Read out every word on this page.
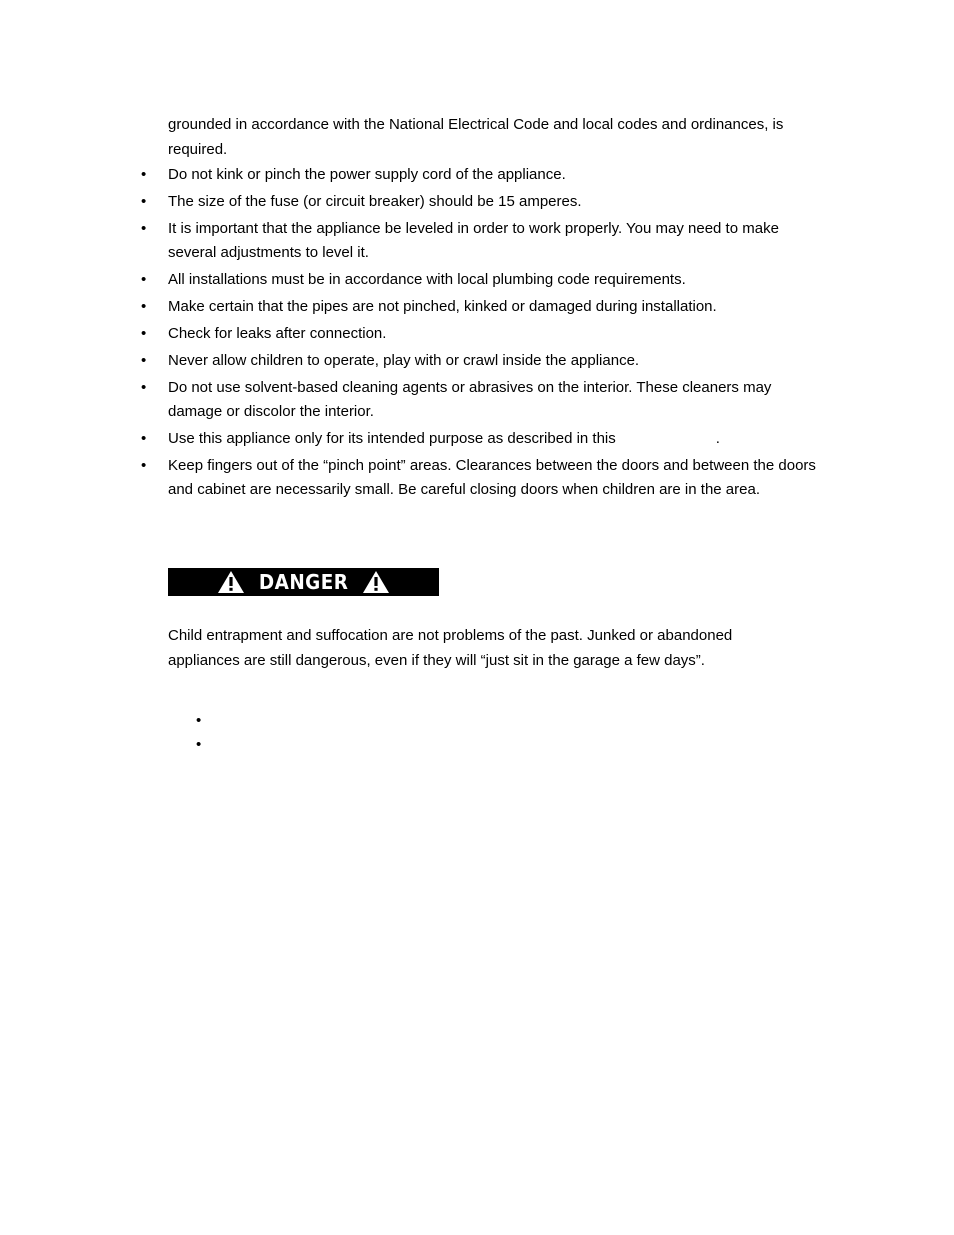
grounded in accordance with the National Electrical Code and local codes and ordinances, is required.
• Do not kink or pinch the power supply cord of the appliance.
• The size of the fuse (or circuit breaker) should be 15 amperes.
• It is important that the appliance be leveled in order to work properly. You may need to make several adjustments to level it.
• All installations must be in accordance with local plumbing code requirements.
• Make certain that the pipes are not pinched, kinked or damaged during installation.
• Check for leaks after connection.
• Never allow children to operate, play with or crawl inside the appliance.
• Do not use solvent-based cleaning agents or abrasives on the interior. These cleaners may damage or discolor the interior.
• Use this appliance only for its intended purpose as described in this	.
• Keep fingers out of the “pinch point” areas. Clearances between the doors and between the doors and cabinet are necessarily small. Be careful closing doors when children are in the area.
DANGER
Child entrapment and suffocation are not problems of the past. Junked or abandoned appliances are still dangerous, even if they will “just sit in the garage a few days”.
•
•
